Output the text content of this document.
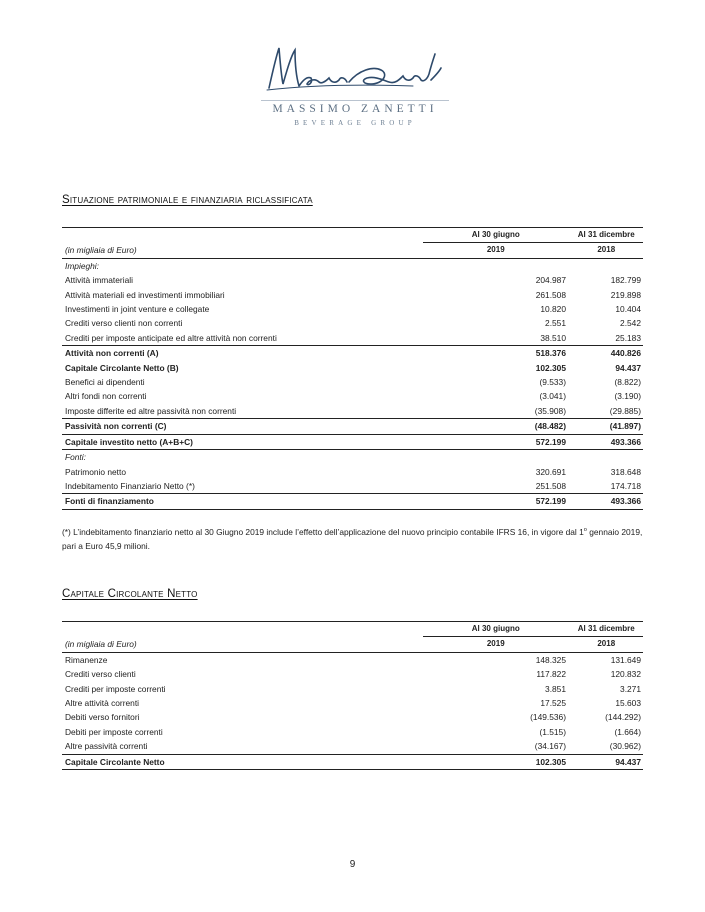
MASSIMO ZANETTI
BEVERAGE GROUP
Situazione patrimoniale e finanziaria riclassificata
	Al 30 giugno	Al 31 dicembre
(in migliaia di Euro)	2019	2018
Impieghi:		
Attività immateriali	204.987	182.799
Attività materiali ed investimenti immobiliari	261.508	219.898
Investimenti in joint venture e collegate	10.820	10.404
Crediti verso clienti non correnti	2.551	2.542
Crediti per imposte anticipate ed altre attività non correnti	38.510	25.183
Attività non correnti (A)	518.376	440.826
Capitale Circolante Netto (B)	102.305	94.437
Benefici ai dipendenti	(9.533)	(8.822)
Altri fondi non correnti	(3.041)	(3.190)
Imposte differite ed altre passività non correnti	(35.908)	(29.885)
Passività non correnti (C)	(48.482)	(41.897)
Capitale investito netto (A+B+C)	572.199	493.366
Fonti:		
Patrimonio netto	320.691	318.648
Indebitamento Finanziario Netto (*)	251.508	174.718
Fonti di finanziamento	572.199	493.366
(*) L’indebitamento finanziario netto al 30 Giugno 2019 include l’effetto dell’applicazione del nuovo principio contabile IFRS 16, in vigore dal 1$^o$ gennaio 2019, pari a Euro 45,9 milioni.
Capitale Circolante Netto
	Al 30 giugno	Al 31 dicembre
(in migliaia di Euro)	2019	2018
Rimanenze	148.325	131.649
Crediti verso clienti	117.822	120.832
Crediti per imposte correnti	3.851	3.271
Altre attività correnti	17.525	15.603
Debiti verso fornitori	(149.536)	(144.292)
Debiti per imposte correnti	(1.515)	(1.664)
Altre passività correnti	(34.167)	(30.962)
Capitale Circolante Netto	102.305	94.437
9
